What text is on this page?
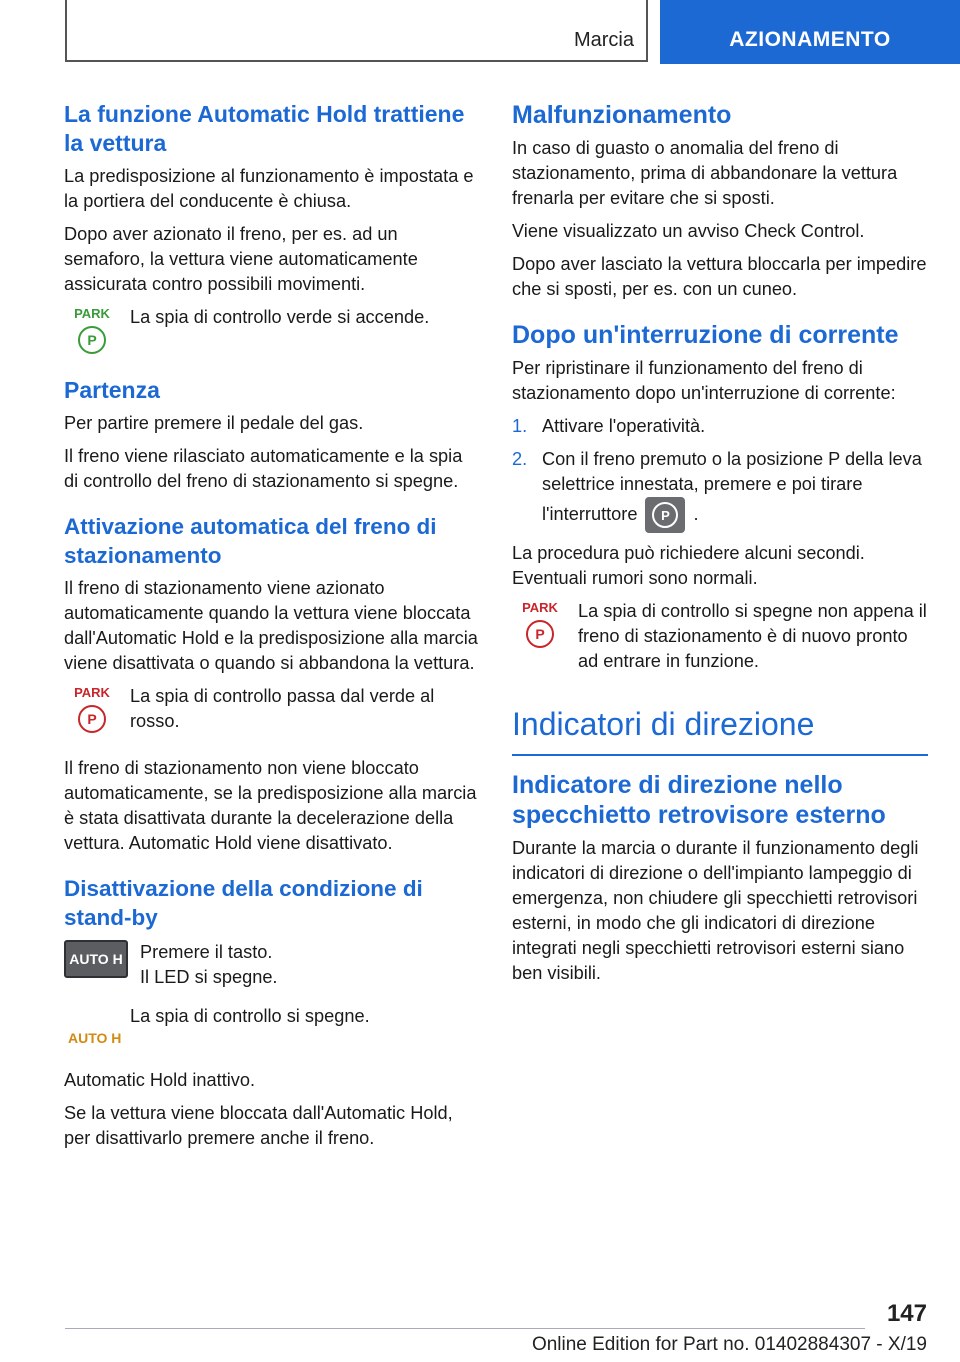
Marcia	AZIONAMENTO
La funzione Automatic Hold trattiene la vettura

La predisposizione al funzionamento è impostata e la portiera del conducente è chiusa.

Dopo aver azionato il freno, per es. ad un semaforo, la vettura viene automaticamente assicurata contro possibili movimenti.

PARK
P

La spia di controllo verde si accende.

Partenza

Per partire premere il pedale del gas.

Il freno viene rilasciato automaticamente e la spia di controllo del freno di stazionamento si spegne.

Attivazione automatica del freno di stazionamento

Il freno di stazionamento viene azionato automaticamente quando la vettura viene bloccata dall'Automatic Hold e la predisposizione alla marcia viene disattivata o quando si abbandona la vettura.

PARK
P

La spia di controllo passa dal verde al rosso.

Il freno di stazionamento non viene bloccato automaticamente, se la predisposizione alla marcia è stata disattivata durante la decelerazione della vettura. Automatic Hold viene disattivato.

Disattivazione della condizione di stand-by
AUTO H Premere il tasto.

Il LED si spegne.

AUTO H

La spia di controllo si spegne.

Automatic Hold inattivo.

Se la vettura viene bloccata dall'Automatic Hold, per disattivarlo premere anche il freno.

Malfunzionamento

In caso di guasto o anomalia del freno di stazionamento, prima di abbandonare la vettura frenarla per evitare che si sposti.

Viene visualizzato un avviso Check Control.

Dopo aver lasciato la vettura bloccarla per impedire che si sposti, per es. con un cuneo.

Dopo un'interruzione di corrente

Per ripristinare il funzionamento del freno di stazionamento dopo un'interruzione di corrente:

1. Attivare l'operatività.
2. Con il freno premuto o la posizione P della leva selettrice innestata, premere e poi tirare l'interruttore	P	.

La procedura può richiedere alcuni secondi. Eventuali rumori sono normali.

PARK
P

La spia di controllo si spegne non appena il freno di stazionamento è di nuovo pronto ad entrare in funzione.

Indicatori di direzione
Indicatore di direzione nello specchietto retrovisore esterno

Durante la marcia o durante il funzionamento degli indicatori di direzione o dell'impianto lampeggio di emergenza, non chiudere gli specchietti retrovisori esterni, in modo che gli indicatori di direzione integrati negli specchietti retrovisori esterni siano ben visibili.

147
Online Edition for Part no. 01402884307 - X/19
